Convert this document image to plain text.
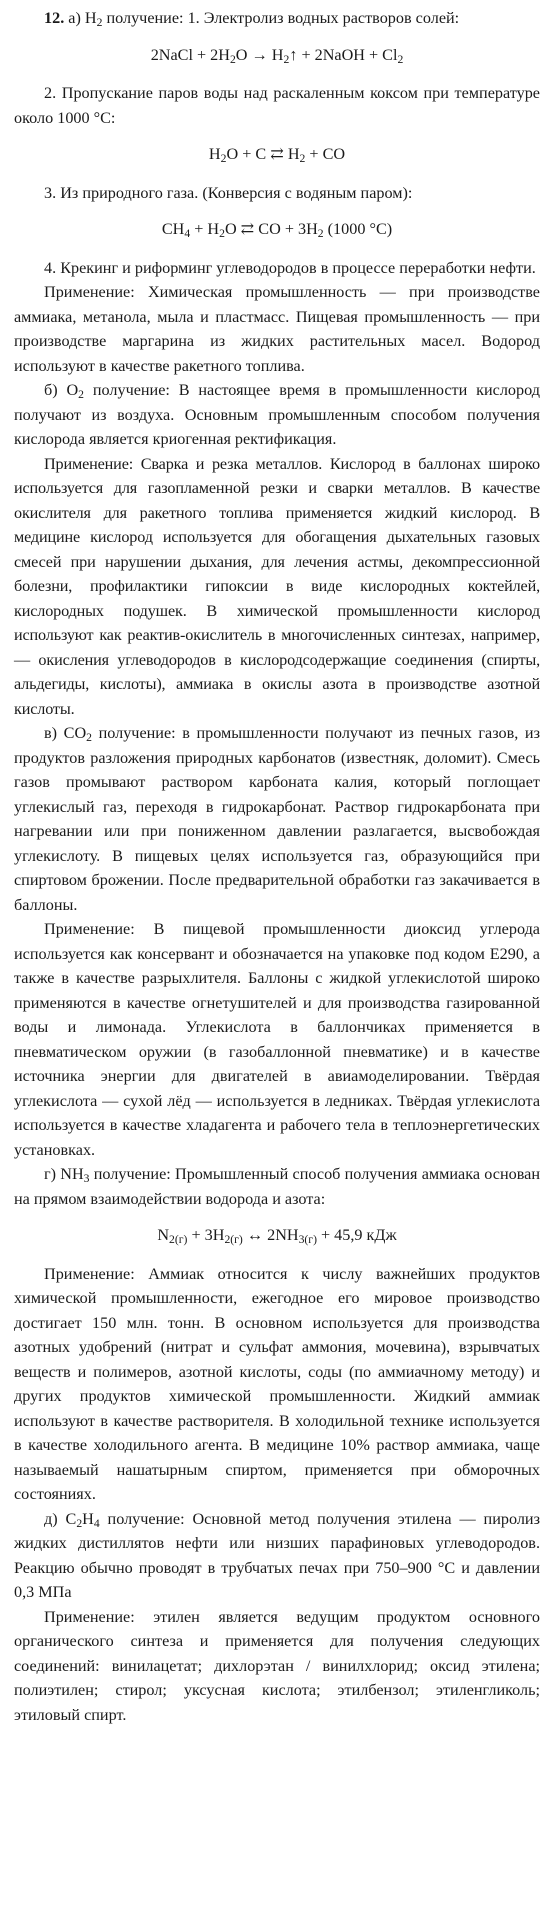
12. а) $H_2$ получение: 1. Электролиз водных растворов солей:

2NaCl + $2H_2O$ → $H_2↑$ + 2NaOH + $Cl_2$

2. Пропускание паров воды над раскаленным коксом при температуре около 1000 °С:

$H_2O + C$ ⇄ $H_2$ + CO

3. Из природного газа. (Конверсия с водяным паром):

$CH_4 + H_2O$ ⇄ CO + $3H_2$ (1000 °С)

4. Крекинг и риформинг углеводородов в процессе переработки нефти.

Применение: Химическая промышленность — при производстве аммиака, метанола, мыла и пластмасс. Пищевая промышленность — при производстве маргарина из жидких растительных масел. Водород используют в качестве ракетного топлива.

б) $O_2$ получение: В настоящее время в промышленности кислород получают из воздуха. Основным промышленным способом получения кислорода является криогенная ректификация.

Применение: Сварка и резка металлов. Кислород в баллонах широко используется для газопламенной резки и сварки металлов. В качестве окислителя для ракетного топлива применяется жидкий кислород. В медицине кислород используется для обогащения дыхательных газовых смесей при нарушении дыхания, для лечения астмы, декомпрессионной болезни, профилактики гипоксии в виде кислородных коктейлей, кислородных подушек. В химической промышленности кислород используют как реактив-окислитель в многочисленных синтезах, например, — окисления углеводородов в кислородсодержащие соединения (спирты, альдегиды, кислоты), аммиака в окислы азота в производстве азотной кислоты.

в) $CO_2$ получение: в промышленности получают из печных газов, из продуктов разложения природных карбонатов (известняк, доломит). Смесь газов промывают раствором карбоната калия, который поглощает углекислый газ, переходя в гидрокарбонат. Раствор гидрокарбоната при нагревании или при пониженном давлении разлагается, высвобождая углекислоту. В пищевых целях используется газ, образующийся при спиртовом брожении. После предварительной обработки газ закачивается в баллоны.

Применение: В пищевой промышленности диоксид углерода используется как консервант и обозначается на упаковке под кодом E290, а также в качестве разрыхлителя. Баллоны с жидкой углекислотой широко применяются в качестве огнетушителей и для производства газированной воды и лимонада. Углекислота в баллончиках применяется в пневматическом оружии (в газобаллонной пневматике) и в качестве источника энергии для двигателей в авиамоделировании. Твёрдая углекислота — сухой лёд — используется в ледниках. Твёрдая углекислота используется в качестве хладагента и рабочего тела в теплоэнергетических установках.

г) $NH_3$ получение: Промышленный способ получения аммиака основан на прямом взаимодействии водорода и азота:

$N_{2(г)} + 3H_{2(г)}$ ↔ $2NH_{3(г)} + 45,9$ кДж

Применение: Аммиак относится к числу важнейших продуктов химической промышленности, ежегодное его мировое производство достигает 150 млн. тонн. В основном используется для производства азотных удобрений (нитрат и сульфат аммония, мочевина), взрывчатых веществ и полимеров, азотной кислоты, соды (по аммиачному методу) и других продуктов химической промышленности. Жидкий аммиак используют в качестве растворителя. В холодильной технике используется в качестве холодильного агента. В медицине 10% раствор аммиака, чаще называемый нашатырным спиртом, применяется при обморочных состояниях.

д) $C_2H_4$ получение: Основной метод получения этилена — пиролиз жидких дистиллятов нефти или низших парафиновых углеводородов. Реакцию обычно проводят в трубчатых печах при 750–900 °С и давлении 0,3 МПа

Применение: этилен является ведущим продуктом основного органического синтеза и применяется для получения следующих соединений: винилацетат; дихлорэтан / винилхлорид; оксид этилена; полиэтилен; стирол; уксусная кислота; этилбензол; этиленгликоль; этиловый спирт.
